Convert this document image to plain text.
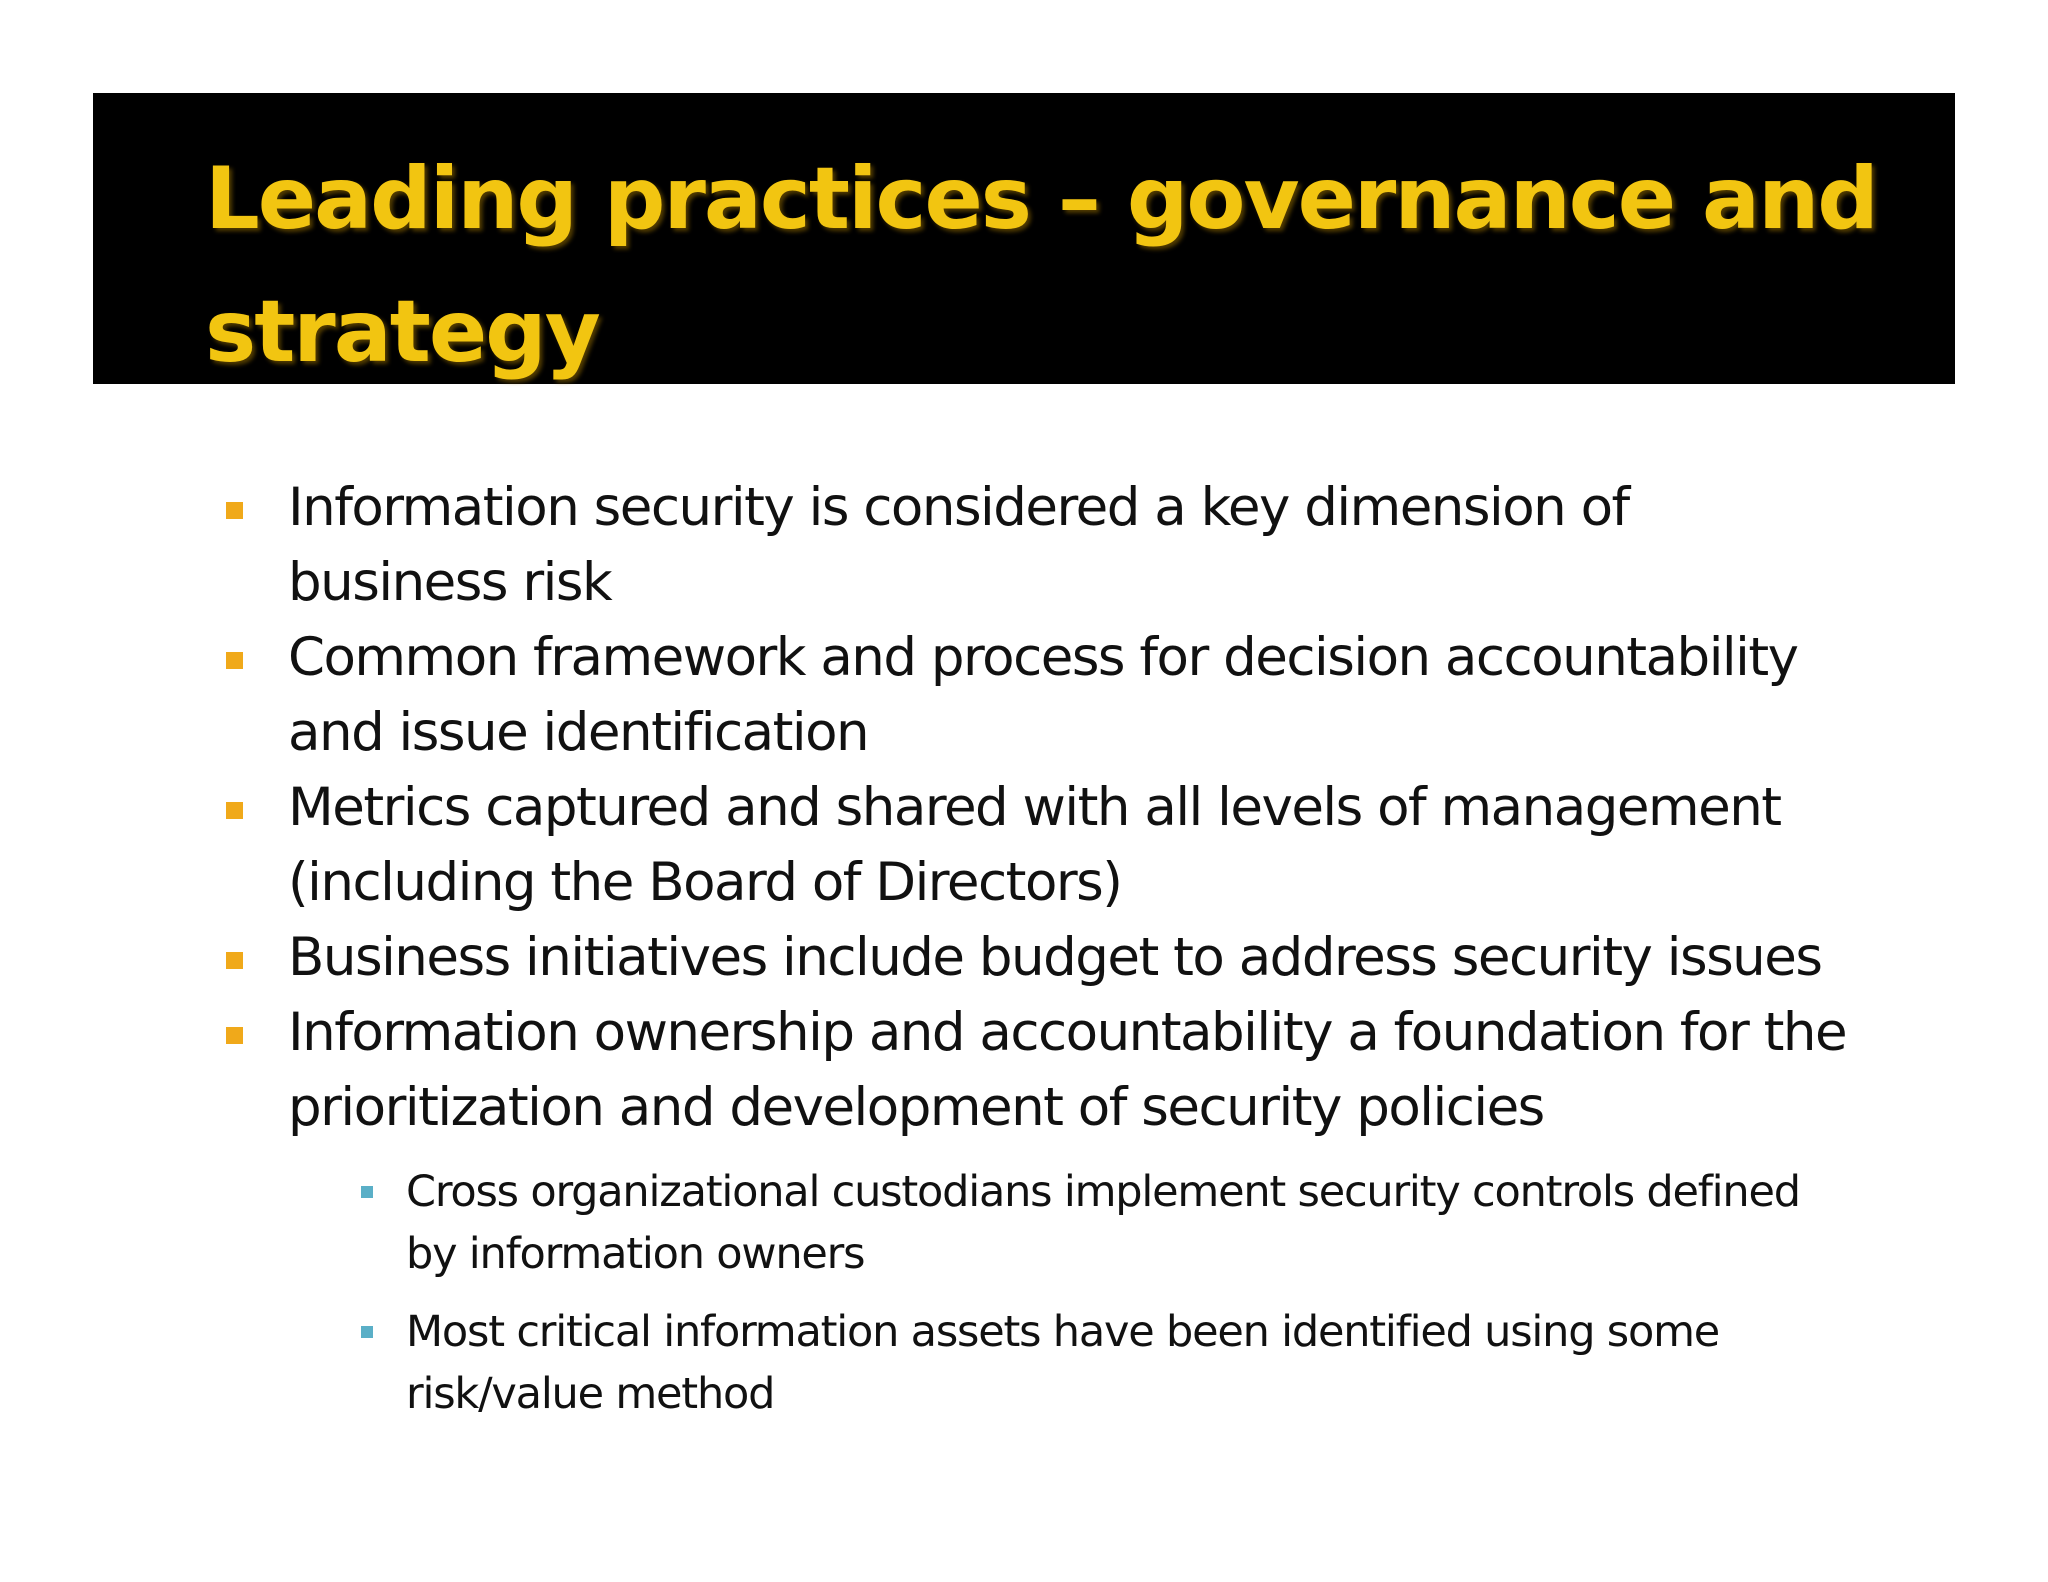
Leading practices – governance and strategy
Information security is considered a key dimension of business risk
Common framework and process for decision accountability and issue identification
Metrics captured and shared with all levels of management (including the Board of Directors)
Business initiatives include budget to address security issues
Information ownership and accountability a foundation for the prioritization and development of security policies
Cross organizational custodians implement security controls defined by information owners
Most critical information assets have been identified using some risk/value method
